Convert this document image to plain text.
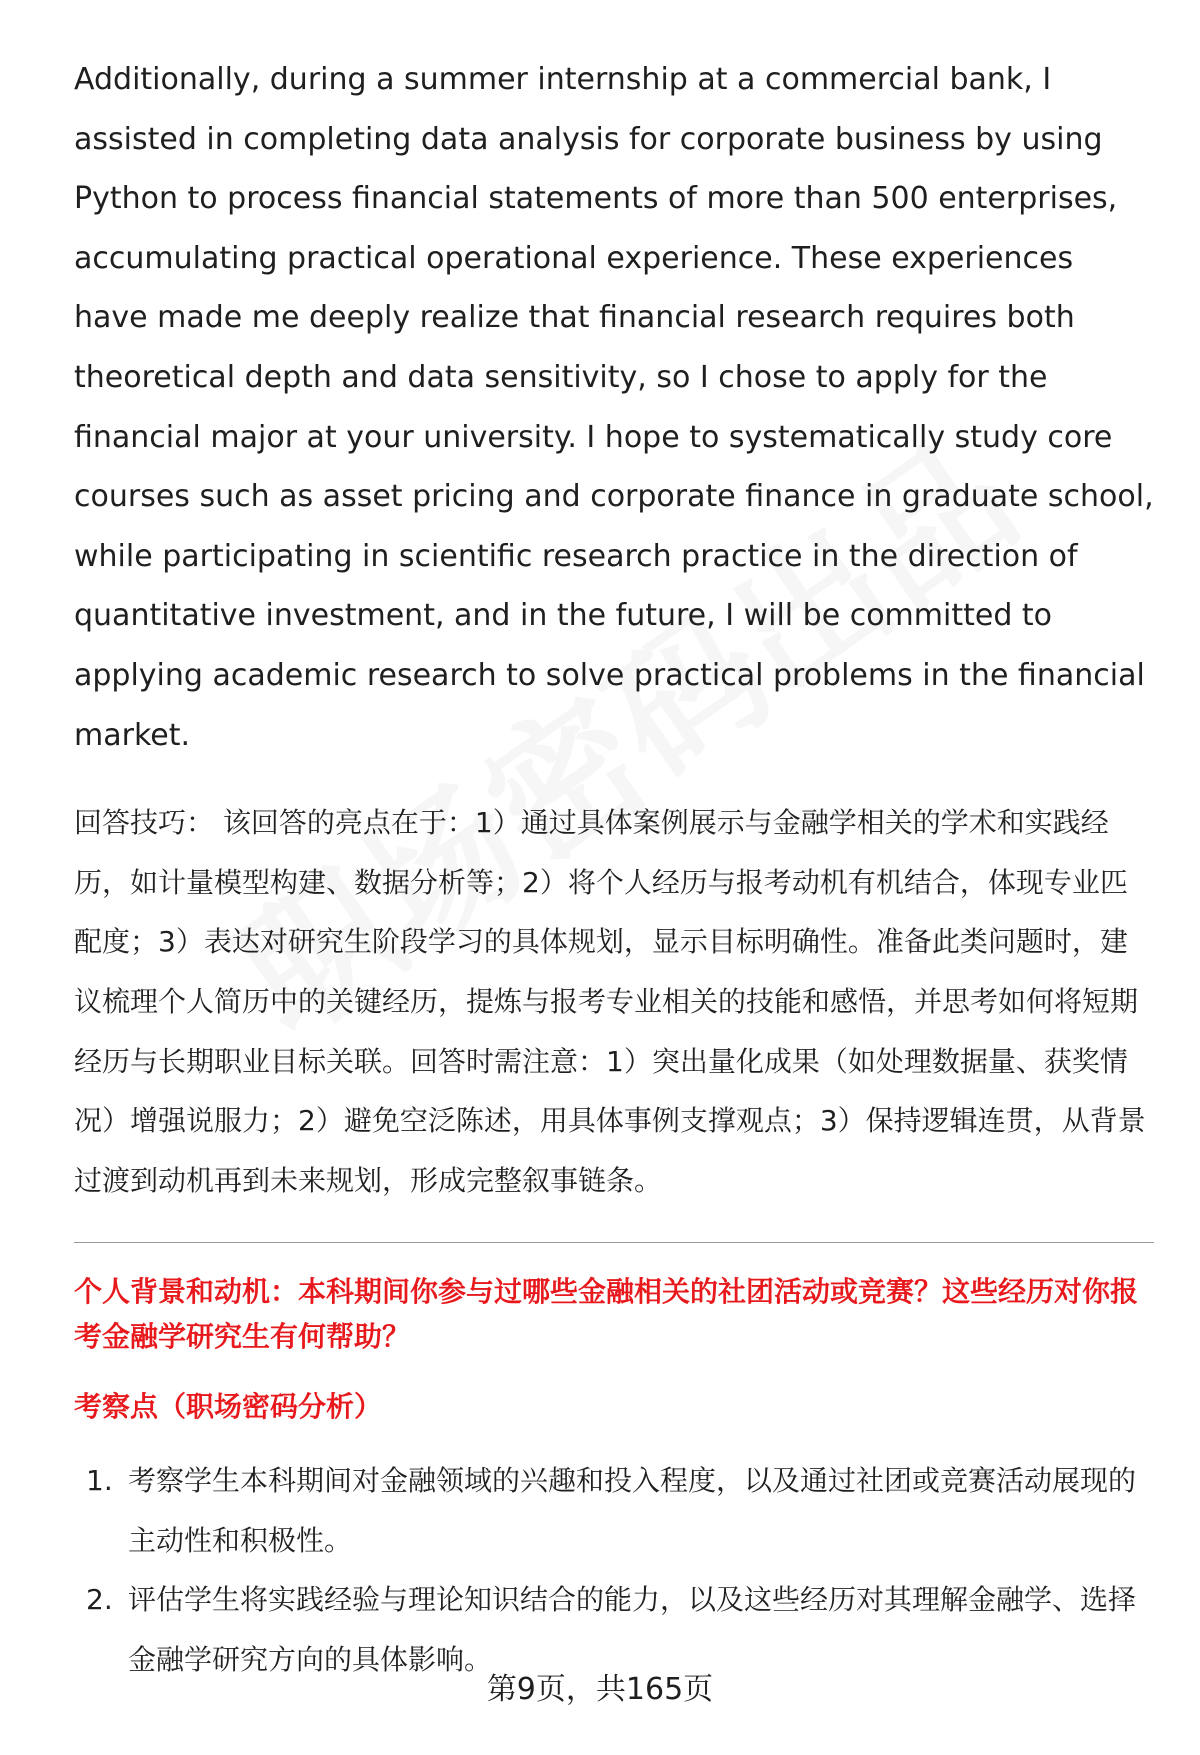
Additionally, during a summer internship at a commercial bank, I assisted in completing data analysis for corporate business by using Python to process financial statements of more than 500 enterprises, accumulating practical operational experience. These experiences have made me deeply realize that financial research requires both theoretical depth and data sensitivity, so I chose to apply for the financial major at your university. I hope to systematically study core courses such as asset pricing and corporate finance in graduate school, while participating in scientific research practice in the direction of quantitative investment, and in the future, I will be committed to applying academic research to solve practical problems in the financial market.

回答技巧： 该回答的亮点在于：1）通过具体案例展示与金融学相关的学术和实践经历，如计量模型构建、数据分析等；2）将个人经历与报考动机有机结合，体现专业匹配度；3）表达对研究生阶段学习的具体规划，显示目标明确性。准备此类问题时，建议梳理个人简历中的关键经历，提炼与报考专业相关的技能和感悟，并思考如何将短期经历与长期职业目标关联。回答时需注意：1）突出量化成果（如处理数据量、获奖情况）增强说服力；2）避免空泛陈述，用具体事例支撑观点；3）保持逻辑连贯，从背景过渡到动机再到未来规划，形成完整叙事链条。

个人背景和动机：本科期间你参与过哪些金融相关的社团活动或竞赛？这些经历对你报考金融学研究生有何帮助？
考察点（职场密码分析）
1. 考察学生本科期间对金融领域的兴趣和投入程度，以及通过社团或竞赛活动展现的主动性和积极性。
2. 评估学生将实践经验与理论知识结合的能力，以及这些经历对其理解金融学、选择金融学研究方向的具体影响。
第9页，共165页
